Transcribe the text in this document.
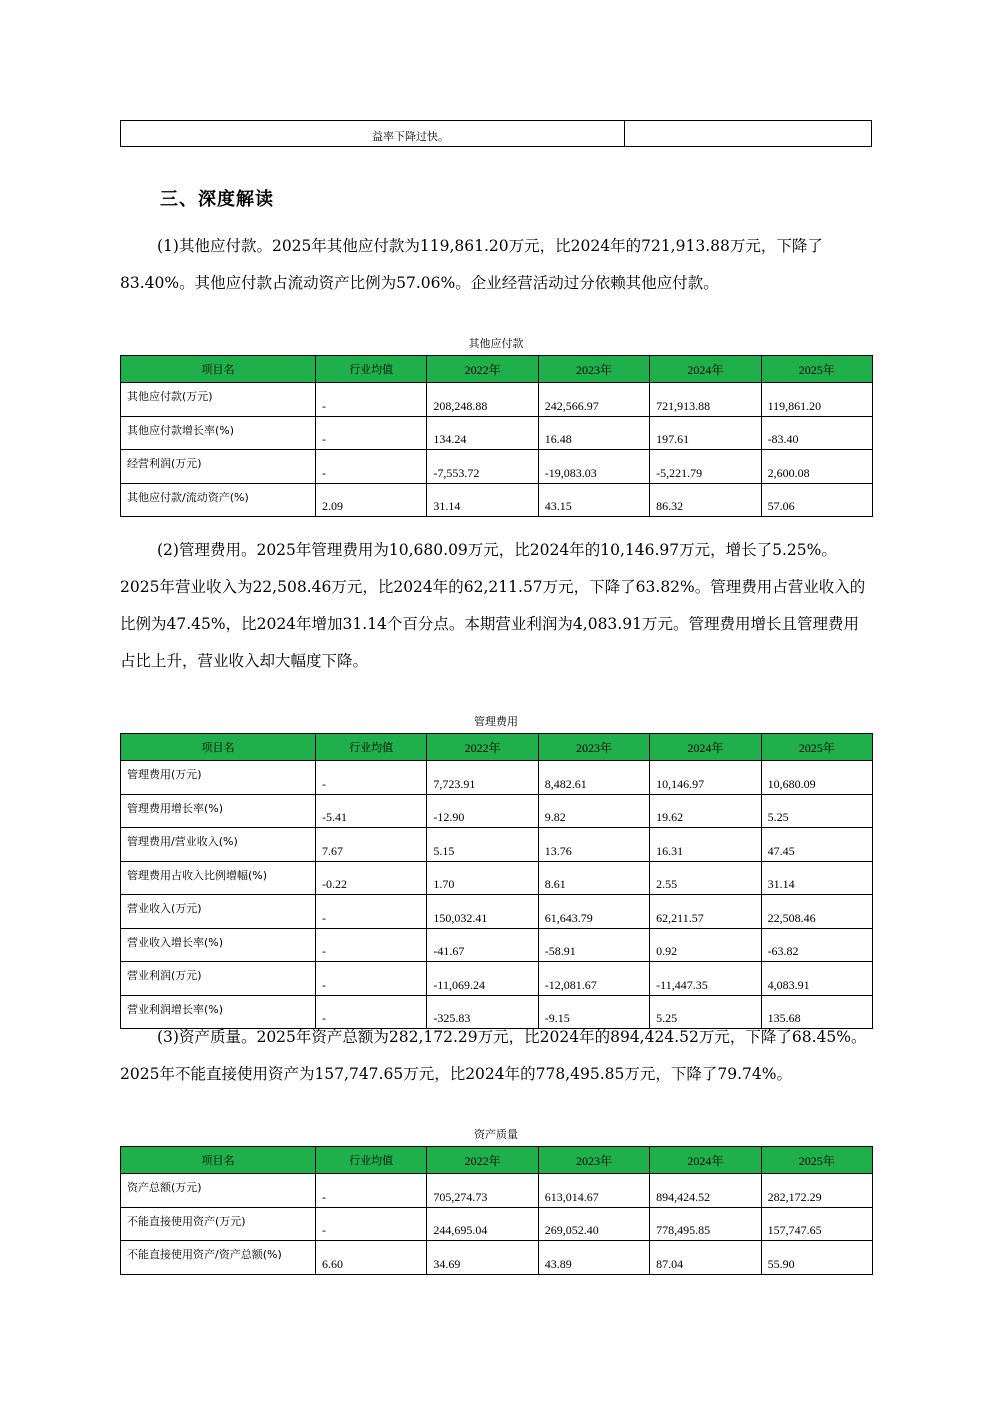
益率下降过快。	
三、深度解读

(1)其他应付款。2025年其他应付款为119,861.20万元，比2024年的721,913.88万元，下降了83.40%。其他应付款占流动资产比例为57.06%。企业经营活动过分依赖其他应付款。

其他应付款
项目名	行业均值	2022年	2023年	2024年	2025年
其他应付款(万元)	-	208,248.88	242,566.97	721,913.88	119,861.20
其他应付款增长率(%)	-	134.24	16.48	197.61	-83.40
经营利润(万元)	-	-7,553.72	-19,083.03	-5,221.79	2,600.08
其他应付款/流动资产(%)	2.09	31.14	43.15	86.32	57.06

(2)管理费用。2025年管理费用为10,680.09万元，比2024年的10,146.97万元，增长了5.25%。2025年营业收入为22,508.46万元，比2024年的62,211.57万元，下降了63.82%。管理费用占营业收入的比例为47.45%，比2024年增加31.14个百分点。本期营业利润为4,083.91万元。管理费用增长且管理费用占比上升，营业收入却大幅度下降。

管理费用
项目名	行业均值	2022年	2023年	2024年	2025年
管理费用(万元)	-	7,723.91	8,482.61	10,146.97	10,680.09
管理费用增长率(%)	-5.41	-12.90	9.82	19.62	5.25
管理费用/营业收入(%)	7.67	5.15	13.76	16.31	47.45
管理费用占收入比例增幅(%)	-0.22	1.70	8.61	2.55	31.14
营业收入(万元)	-	150,032.41	61,643.79	62,211.57	22,508.46
营业收入增长率(%)	-	-41.67	-58.91	0.92	-63.82
营业利润(万元)	-	-11,069.24	-12,081.67	-11,447.35	4,083.91
营业利润增长率(%)	-	-325.83	-9.15	5.25	135.68

(3)资产质量。2025年资产总额为282,172.29万元，比2024年的894,424.52万元，下降了68.45%。2025年不能直接使用资产为157,747.65万元，比2024年的778,495.85万元，下降了79.74%。

资产质量
项目名	行业均值	2022年	2023年	2024年	2025年
资产总额(万元)	-	705,274.73	613,014.67	894,424.52	282,172.29
不能直接使用资产(万元)	-	244,695.04	269,052.40	778,495.85	157,747.65
不能直接使用资产/资产总额(%)	6.60	34.69	43.89	87.04	55.90
